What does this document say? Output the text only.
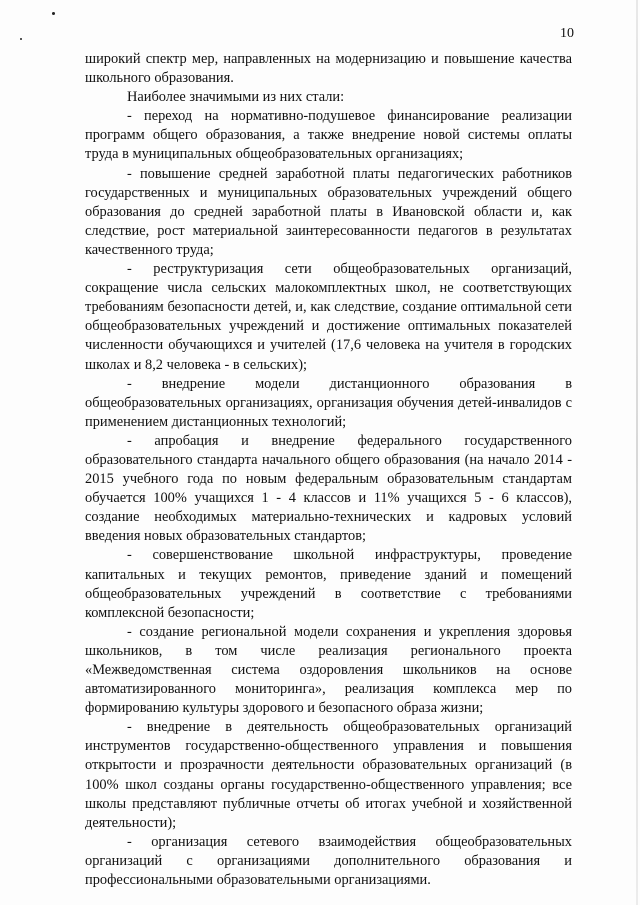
10

широкий спектр мер, направленных на модернизацию и повышение качества школьного образования.

Наиболее значимыми из них стали:

- переход на нормативно-подушевое финансирование реализации программ общего образования, а также внедрение новой системы оплаты труда в муниципальных общеобразовательных организациях;

- повышение средней заработной платы педагогических работников государственных и муниципальных образовательных учреждений общего образования до средней заработной платы в Ивановской области и, как следствие, рост материальной заинтересованности педагогов в результатах качественного труда;

- реструктуризация сети общеобразовательных организаций, сокращение числа сельских малокомплектных школ, не соответствующих требованиям безопасности детей, и, как следствие, создание оптимальной сети общеобразовательных учреждений и достижение оптимальных показателей численности обучающихся и учителей (17,6 человека на учителя в городских школах и 8,2 человека - в сельских);

- внедрение модели дистанционного образования в общеобразовательных организациях, организация обучения детей-инвалидов с применением дистанционных технологий;

- апробация и внедрение федерального государственного образовательного стандарта начального общего образования (на начало 2014 - 2015 учебного года по новым федеральным образовательным стандартам обучается 100% учащихся 1 - 4 классов и 11% учащихся 5 - 6 классов), создание необходимых материально-технических и кадровых условий введения новых образовательных стандартов;

- совершенствование школьной инфраструктуры, проведение капитальных и текущих ремонтов, приведение зданий и помещений общеобразовательных учреждений в соответствие с требованиями комплексной безопасности;

- создание региональной модели сохранения и укрепления здоровья школьников, в том числе реализация регионального проекта «Межведомственная система оздоровления школьников на основе автоматизированного мониторинга», реализация комплекса мер по формированию культуры здорового и безопасного образа жизни;

- внедрение в деятельность общеобразовательных организаций инструментов государственно-общественного управления и повышения открытости и прозрачности деятельности образовательных организаций (в 100% школ созданы органы государственно-общественного управления; все школы представляют публичные отчеты об итогах учебной и хозяйственной деятельности);

- организация сетевого взаимодействия общеобразовательных организаций с организациями дополнительного образования и профессиональными образовательными организациями.
